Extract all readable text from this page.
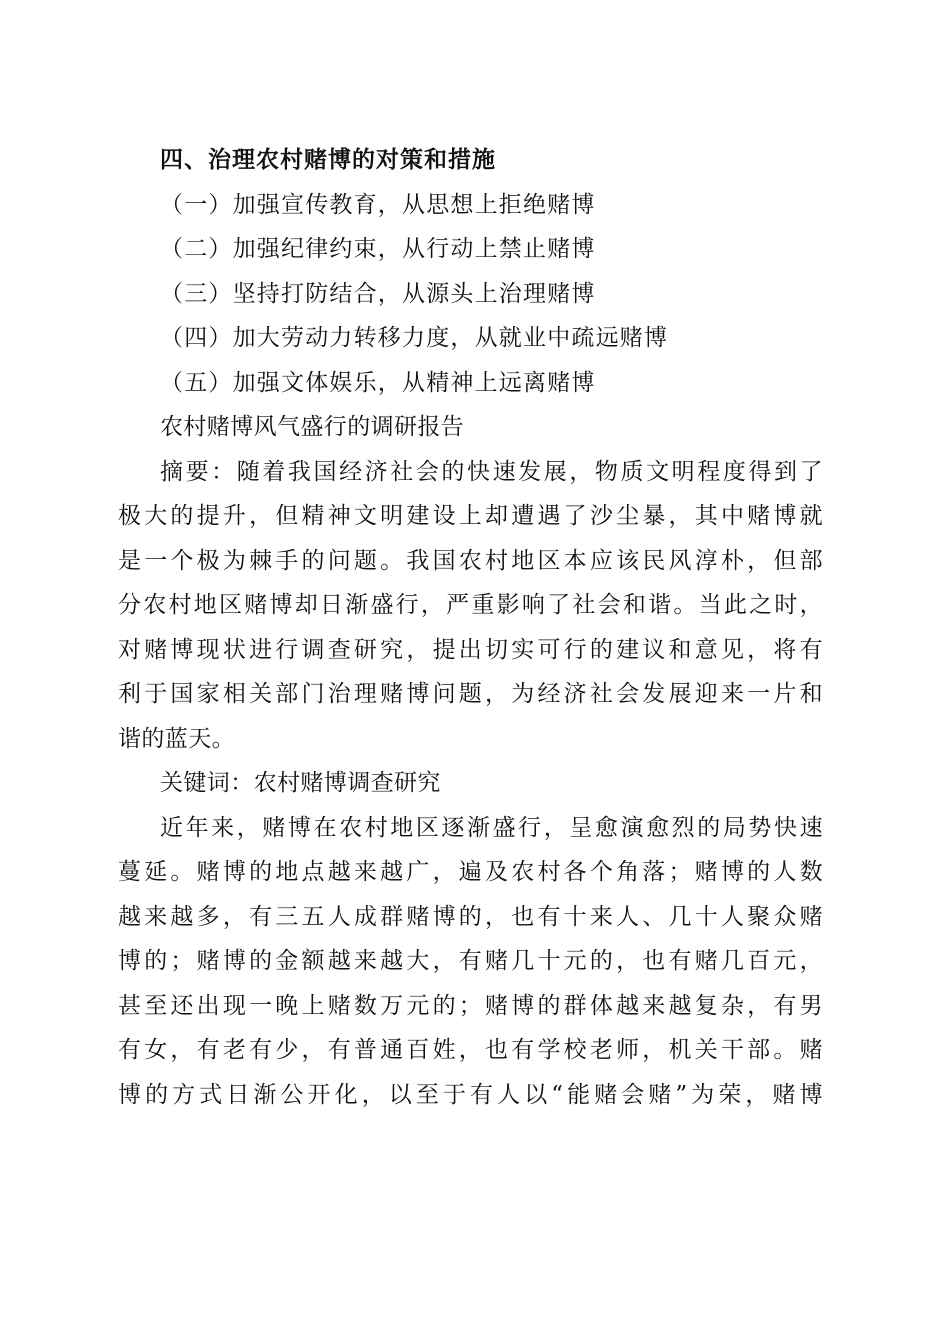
四、治理农村赌博的对策和措施
（一）加强宣传教育，从思想上拒绝赌博
（二）加强纪律约束，从行动上禁止赌博
（三）坚持打防结合，从源头上治理赌博
（四）加大劳动力转移力度，从就业中疏远赌博
（五）加强文体娱乐，从精神上远离赌博
农村赌博风气盛行的调研报告
摘要：随着我国经济社会的快速发展，物质文明程度得到了
极大的提升，但精神文明建设上却遭遇了沙尘暴，其中赌博就
是一个极为棘手的问题。我国农村地区本应该民风淳朴，但部
分农村地区赌博却日渐盛行，严重影响了社会和谐。当此之时，
对赌博现状进行调查研究，提出切实可行的建议和意见，将有
利于国家相关部门治理赌博问题，为经济社会发展迎来一片和
谐的蓝天。
关键词：农村赌博调查研究
近年来，赌博在农村地区逐渐盛行，呈愈演愈烈的局势快速
蔓延。赌博的地点越来越广，遍及农村各个角落；赌博的人数
越来越多，有三五人成群赌博的，也有十来人、几十人聚众赌
博的；赌博的金额越来越大，有赌几十元的，也有赌几百元，
甚至还出现一晚上赌数万元的；赌博的群体越来越复杂，有男
有女，有老有少，有普通百姓，也有学校老师，机关干部。赌
博的方式日渐公开化，以至于有人以“能赌会赌”为荣，赌博
